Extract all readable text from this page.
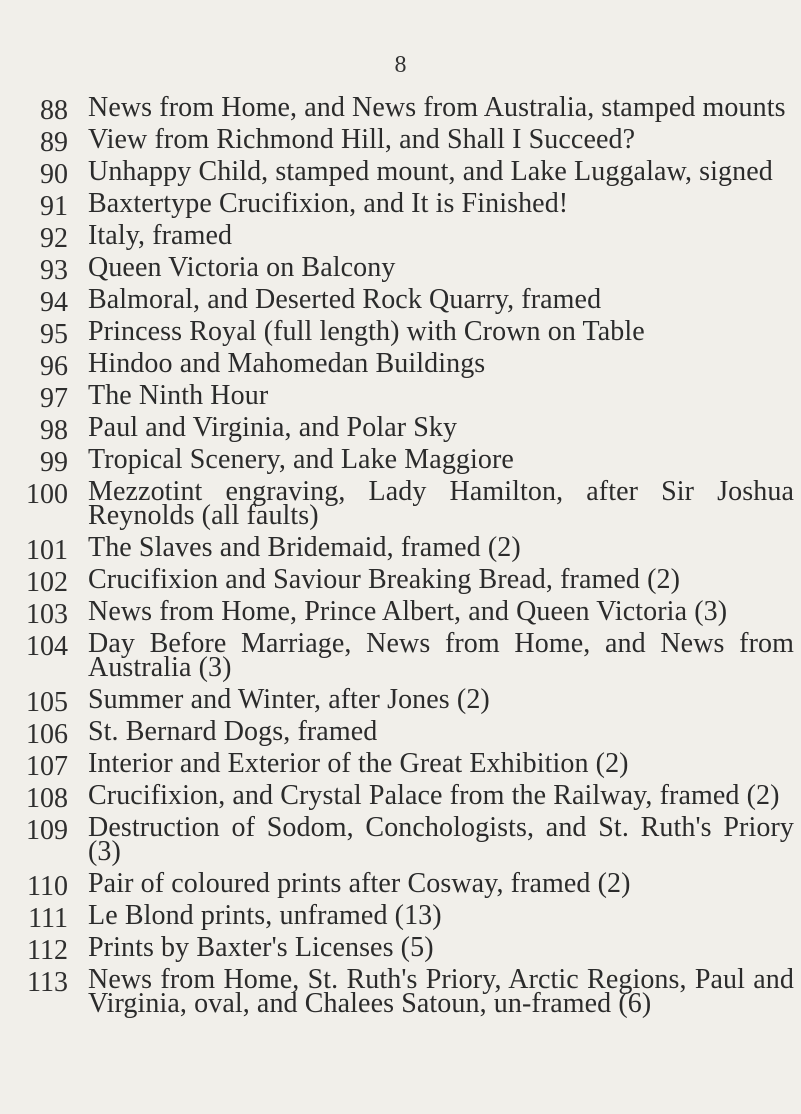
8
88 News from Home, and News from Australia, stamped mounts
89 View from Richmond Hill, and Shall I Succeed?
90 Unhappy Child, stamped mount, and Lake Luggalaw, signed
91 Baxtertype Crucifixion, and It is Finished!
92 Italy, framed
93 Queen Victoria on Balcony
94 Balmoral, and Deserted Rock Quarry, framed
95 Princess Royal (full length) with Crown on Table
96 Hindoo and Mahomedan Buildings
97 The Ninth Hour
98 Paul and Virginia, and Polar Sky
99 Tropical Scenery, and Lake Maggiore
100 Mezzotint engraving, Lady Hamilton, after Sir Joshua Reynolds (all faults)
101 The Slaves and Bridemaid, framed (2)
102 Crucifixion and Saviour Breaking Bread, framed (2)
103 News from Home, Prince Albert, and Queen Victoria (3)
104 Day Before Marriage, News from Home, and News from Australia (3)
105 Summer and Winter, after Jones (2)
106 St. Bernard Dogs, framed
107 Interior and Exterior of the Great Exhibition (2)
108 Crucifixion, and Crystal Palace from the Railway, framed (2)
109 Destruction of Sodom, Conchologists, and St. Ruth's Priory (3)
110 Pair of coloured prints after Cosway, framed (2)
111 Le Blond prints, unframed (13)
112 Prints by Baxter's Licenses (5)
113 News from Home, St. Ruth's Priory, Arctic Regions, Paul and Virginia, oval, and Chalees Satoun, un-framed (6)
